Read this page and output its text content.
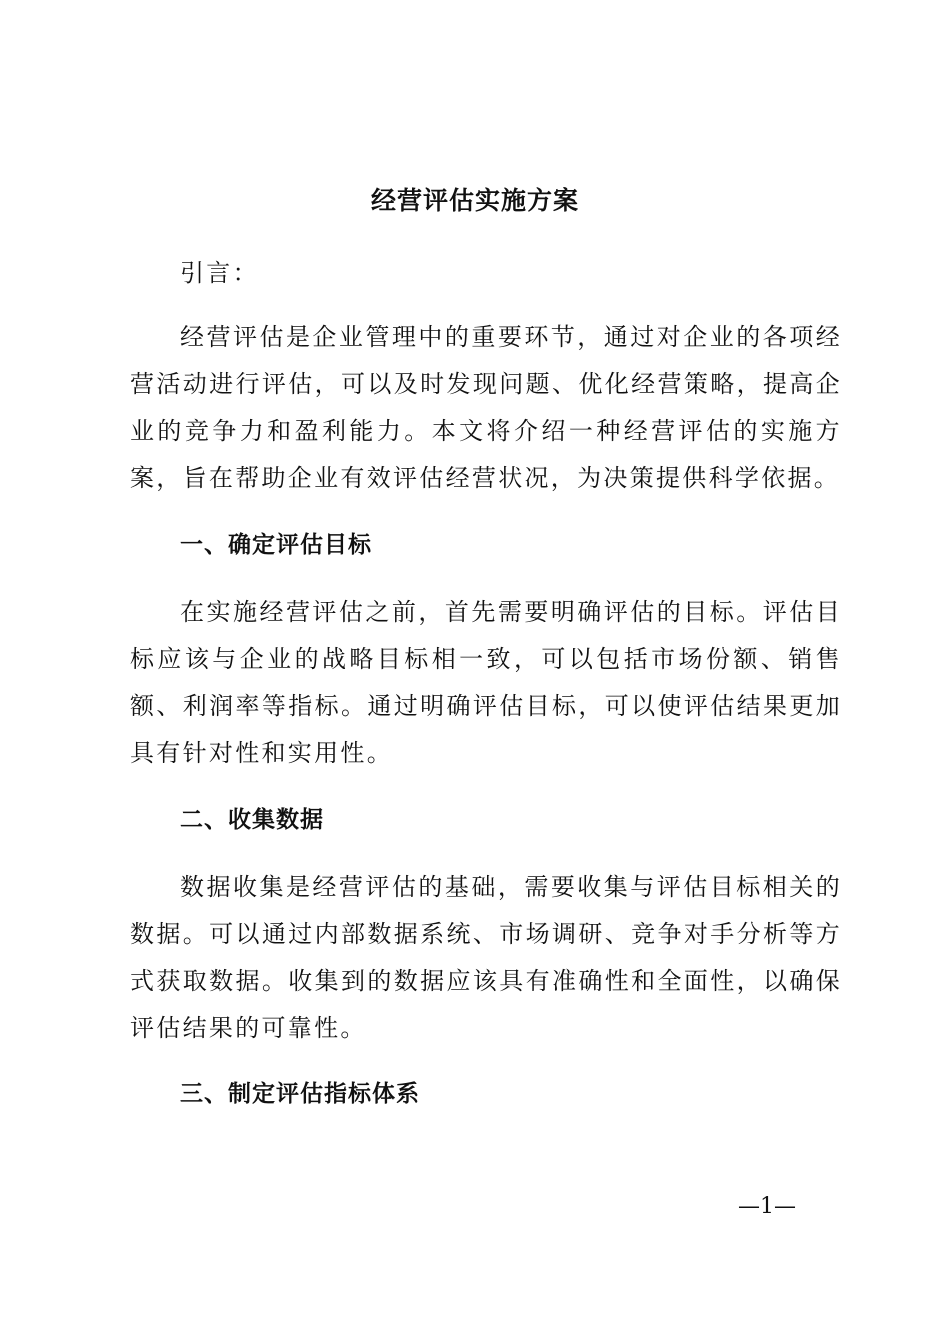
经营评估实施方案
引言：

经营评估是企业管理中的重要环节，通过对企业的各项经营活动进行评估，可以及时发现问题、优化经营策略，提高企业的竞争力和盈利能力。本文将介绍一种经营评估的实施方案，旨在帮助企业有效评估经营状况，为决策提供科学依据。

一、确定评估目标

在实施经营评估之前，首先需要明确评估的目标。评估目标应该与企业的战略目标相一致，可以包括市场份额、销售额、利润率等指标。通过明确评估目标，可以使评估结果更加具有针对性和实用性。

二、收集数据

数据收集是经营评估的基础，需要收集与评估目标相关的数据。可以通过内部数据系统、市场调研、竞争对手分析等方式获取数据。收集到的数据应该具有准确性和全面性，以确保评估结果的可靠性。

三、制定评估指标体系
—1—
